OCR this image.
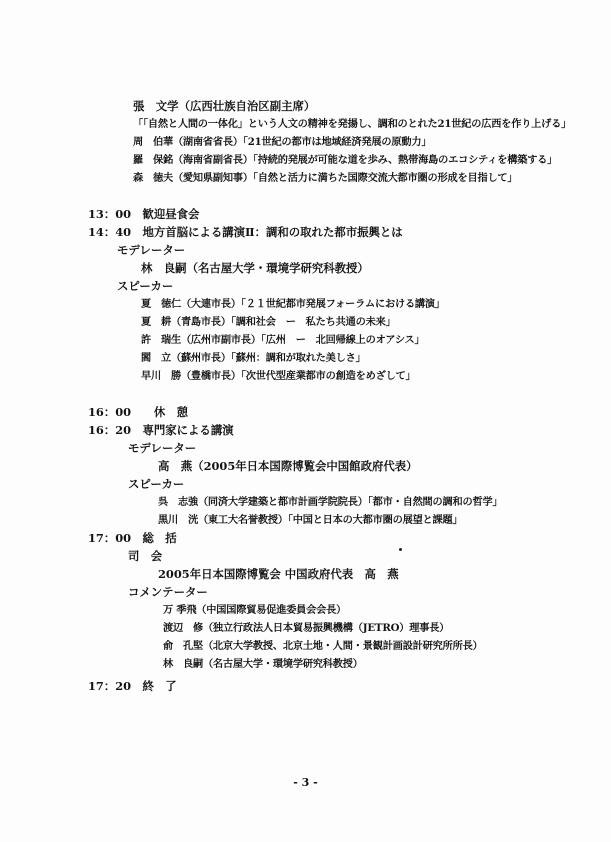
張　文学（広西壮族自治区副主席）
「「自然と人間の一体化」という人文の精神を発揚し、調和のとれた21世紀の広西を作り上げる」
周　伯華（湖南省省長）「21世紀の都市は地域経済発展の原動力」
羅　保銘（海南省副省長）「持続的発展が可能な道を歩み、熱帯海島のエコシティを構築する」
森　徳夫（愛知県副知事）「自然と活力に満ちた国際交流大都市圏の形成を目指して」
13：00　歓迎昼食会
14：40　地方首脳による講演Ⅱ：調和の取れた都市振興とは
モデレーター
林　良嗣（名古屋大学・環境学研究科教授）
スピーカー
夏　徳仁（大連市長）「２１世紀都市発展フォーラムにおける講演」
夏　耕（青島市長）「調和社会　ー　私たち共通の未来」
許　瑞生（広州市副市長）「広州　ー　北回帰線上のオアシス」
閻　立（蘇州市長）「蘇州：調和が取れた美しさ」
早川　勝（豊橋市長）「次世代型産業都市の創造をめざして」
16：00　　休　憩
16：20　専門家による講演
モデレーター
高　燕（2005年日本国際博覧会中国館政府代表）
スピーカー
呉　志強（同済大学建築と都市計画学院院長）「都市・自然間の調和の哲学」
黒川　洸（東工大名誉教授）「中国と日本の大都市圏の展望と課題」
17：00　総　括
司　会
2005年日本国際博覧会 中国政府代表　高　燕
コメンテーター
万 季飛（中国国際貿易促進委員会会長）
渡辺　修（独立行政法人日本貿易振興機構（JETRO）理事長）
俞　孔堅（北京大学教授、北京土地・人間・景観計画設計研究所所長）
林　良嗣（名古屋大学・環境学研究科教授）
17：20　終　了
- 3 -
